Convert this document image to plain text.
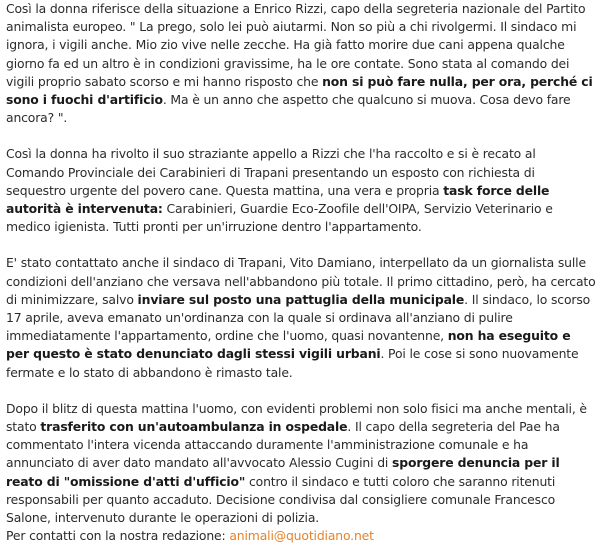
Così la donna riferisce della situazione a Enrico Rizzi, capo della segreteria nazionale del Partito animalista europeo. " La prego, solo lei può aiutarmi. Non so più a chi rivolgermi. Il sindaco mi ignora, i vigili anche. Mio zio vive nelle zecche. Ha già fatto morire due cani appena qualche giorno fa ed un altro è in condizioni gravissime, ha le ore contate. Sono stata al comando dei vigili proprio sabato scorso e mi hanno risposto che non si può fare nulla, per ora, perché ci sono i fuochi d'artificio. Ma è un anno che aspetto che qualcuno si muova. Cosa devo fare ancora? ".

Così la donna ha rivolto il suo straziante appello a Rizzi che l'ha raccolto e si è recato al Comando Provinciale dei Carabinieri di Trapani presentando un esposto con richiesta di sequestro urgente del povero cane. Questa mattina, una vera e propria task force delle autorità è intervenuta: Carabinieri, Guardie Eco-Zoofile dell'OIPA, Servizio Veterinario e medico igienista. Tutti pronti per un'irruzione dentro l'appartamento.

E' stato contattato anche il sindaco di Trapani, Vito Damiano, interpellato da un giornalista sulle condizioni dell'anziano che versava nell'abbandono più totale. Il primo cittadino, però, ha cercato di minimizzare, salvo inviare sul posto una pattuglia della municipale. Il sindaco, lo scorso 17 aprile, aveva emanato un'ordinanza con la quale si ordinava all'anziano di pulire immediatamente l'appartamento, ordine che l'uomo, quasi novantenne, non ha eseguito e per questo è stato denunciato dagli stessi vigili urbani. Poi le cose si sono nuovamente fermate e lo stato di abbandono è rimasto tale.

Dopo il blitz di questa mattina l'uomo, con evidenti problemi non solo fisici ma anche mentali, è stato trasferito con un'autoambulanza in ospedale. Il capo della segreteria del Pae ha commentato l'intera vicenda attaccando duramente l'amministrazione comunale e ha annunciato di aver dato mandato all'avvocato Alessio Cugini di sporgere denuncia per il reato di "omissione d'atti d'ufficio" contro il sindaco e tutti coloro che saranno ritenuti responsabili per quanto accaduto. Decisione condivisa dal consigliere comunale Francesco Salone, intervenuto durante le operazioni di polizia.
Per contatti con la nostra redazione: animali@quotidiano.net
